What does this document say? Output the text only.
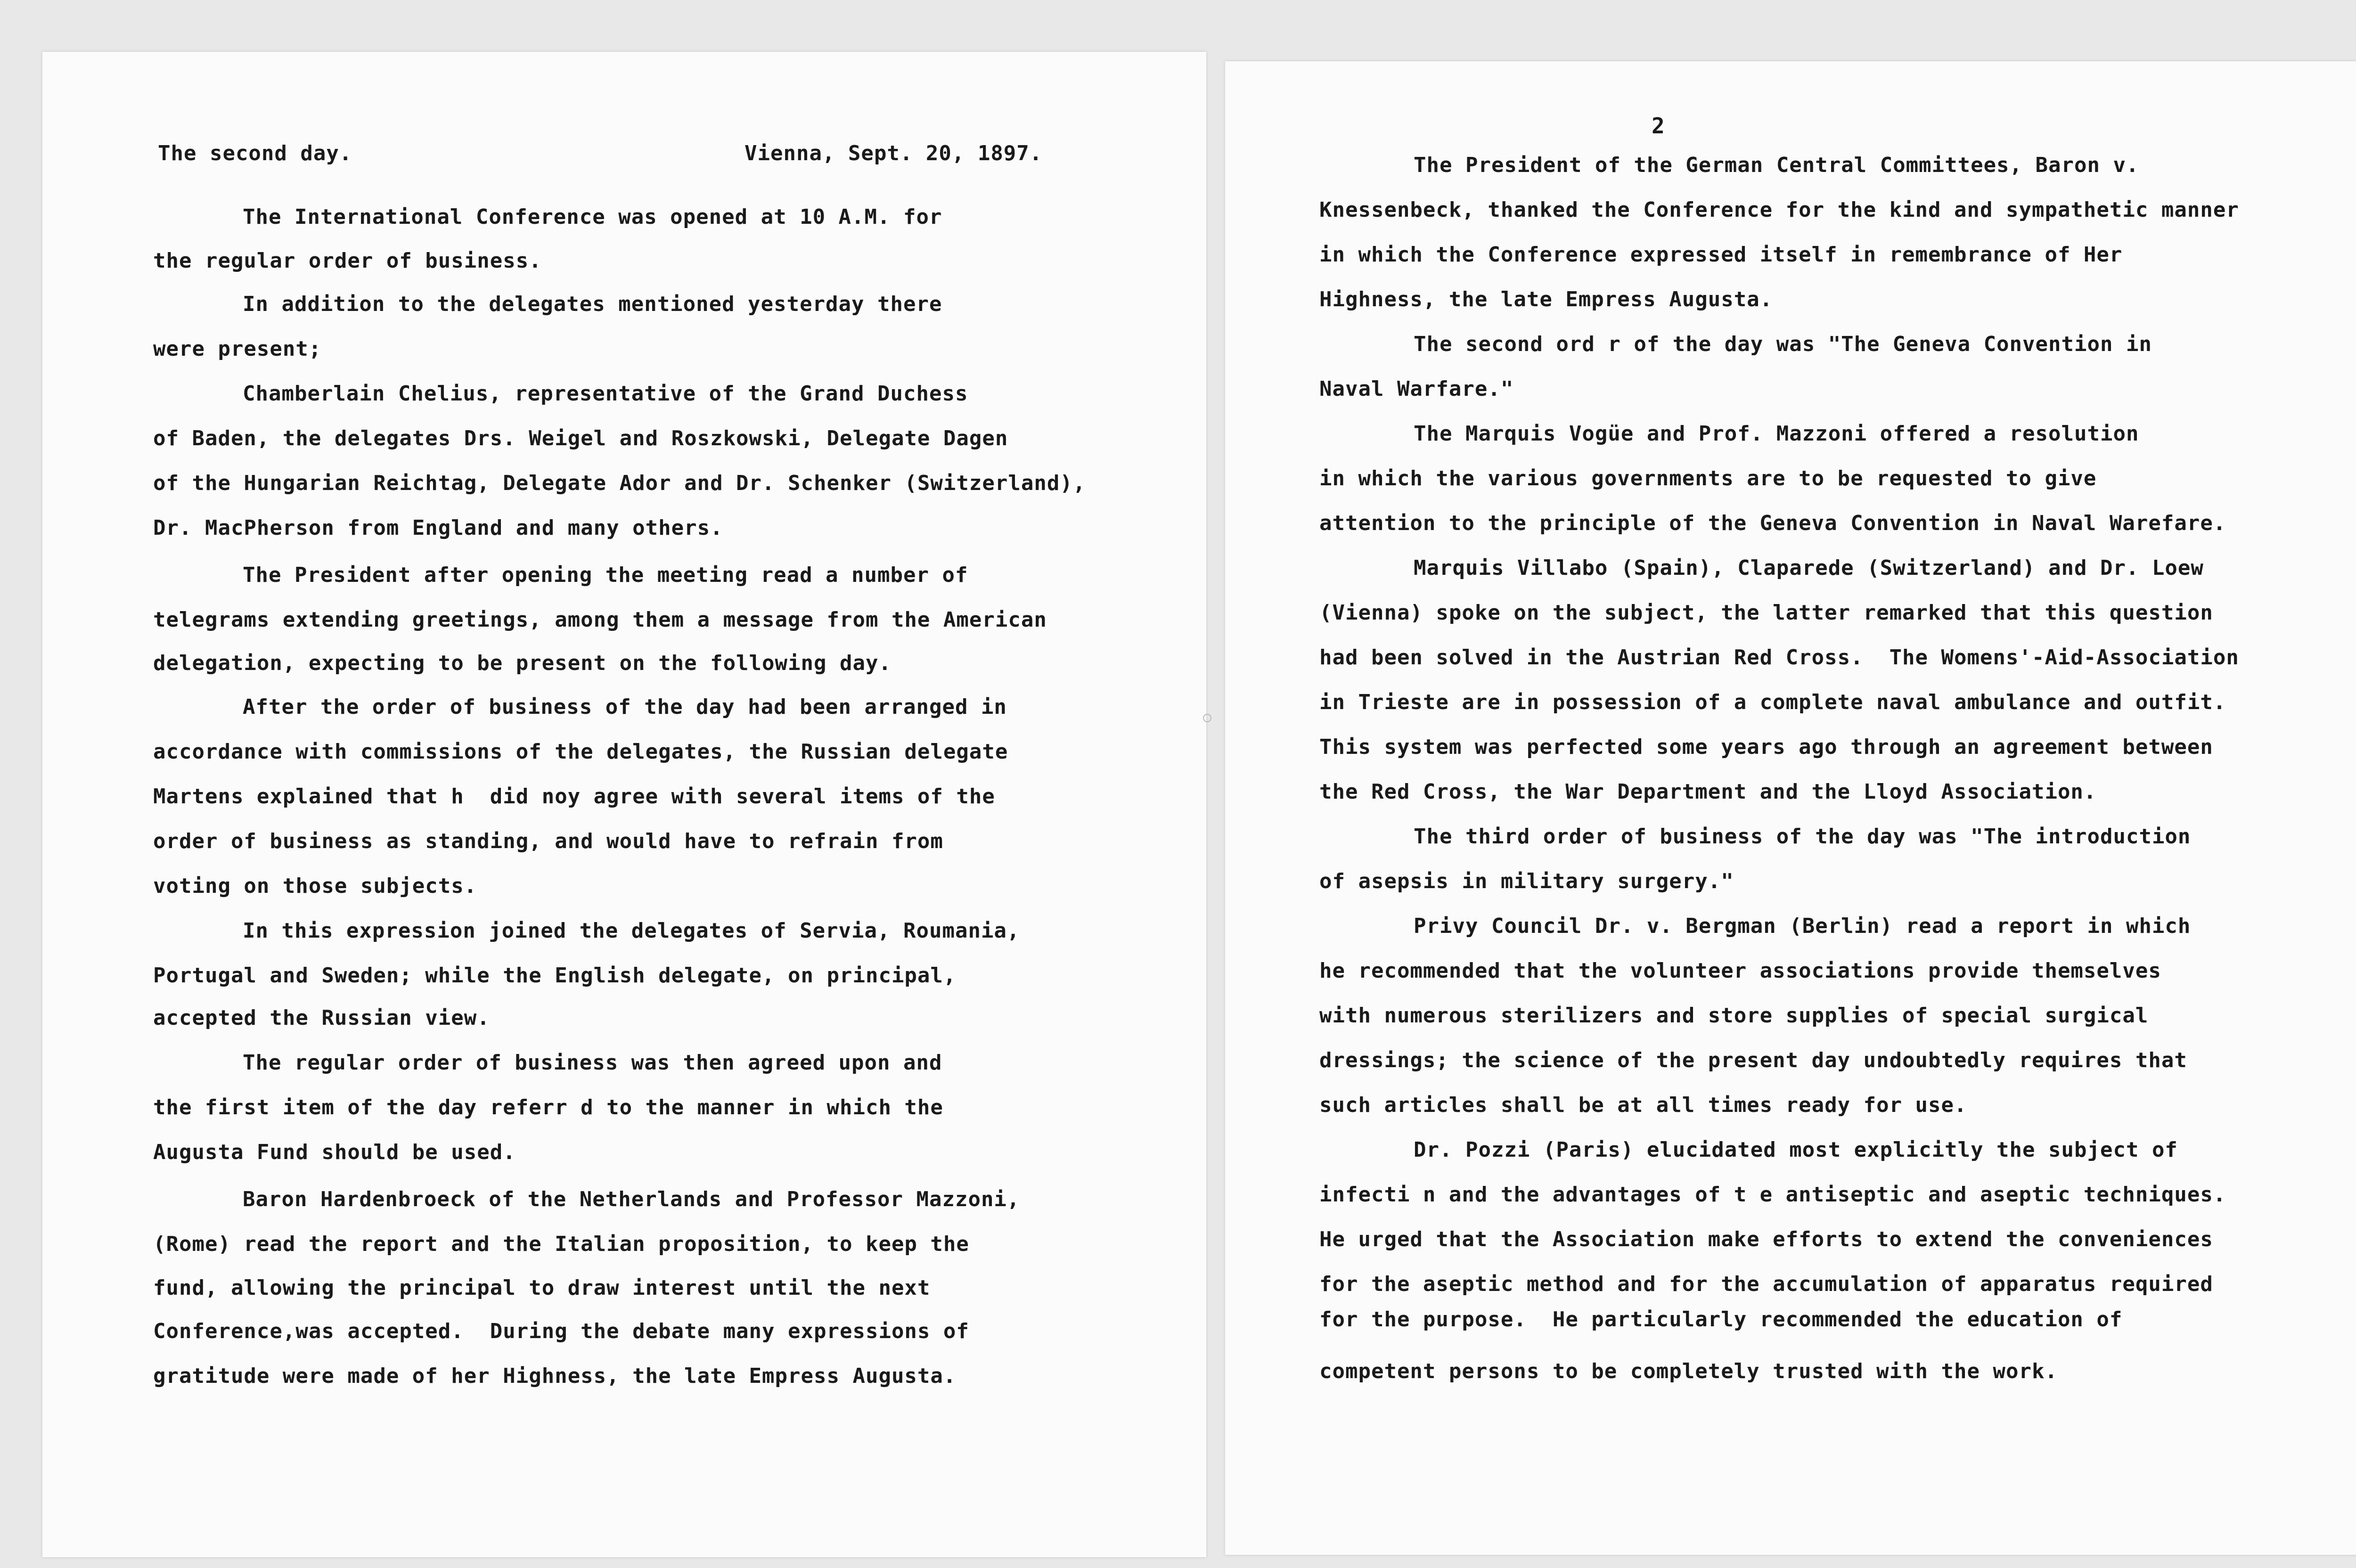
The second day.	Vienna, Sept. 20, 1897.
The International Conference was opened at 10 A.M. for
the regular order of business.
In addition to the delegates mentioned yesterday there
were present;
Chamberlain Chelius, representative of the Grand Duchess
of Baden, the delegates Drs. Weigel and Roszkowski, Delegate Dagen
of the Hungarian Reichtag, Delegate Ador and Dr. Schenker (Switzerland),
Dr. MacPherson from England and many others.
The President after opening the meeting read a number of
telegrams extending greetings, among them a message from the American
delegation, expecting to be present on the following day.
After the order of business of the day had been arranged in
accordance with commissions of the delegates, the Russian delegate
Martens explained that h  did noy agree with several items of the
order of business as standing, and would have to refrain from
voting on those subjects.
In this expression joined the delegates of Servia, Roumania,
Portugal and Sweden; while the English delegate, on principal,
accepted the Russian view.
The regular order of business was then agreed upon and
the first item of the day referr d to the manner in which the
Augusta Fund should be used.
Baron Hardenbroeck of the Netherlands and Professor Mazzoni,
(Rome) read the report and the Italian proposition, to keep the
fund, allowing the principal to draw interest until the next
Conference,was accepted.  During the debate many expressions of
gratitude were made of her Highness, the late Empress Augusta.
2
The President of the German Central Committees, Baron v.
Knessenbeck, thanked the Conference for the kind and sympathetic manner
in which the Conference expressed itself in remembrance of Her
Highness, the late Empress Augusta.
The second ord r of the day was "The Geneva Convention in
Naval Warfare."
The Marquis Vogüe and Prof. Mazzoni offered a resolution
in which the various governments are to be requested to give
attention to the principle of the Geneva Convention in Naval Warefare.
Marquis Villabo (Spain), Claparede (Switzerland) and Dr. Loew
(Vienna) spoke on the subject, the latter remarked that this question
had been solved in the Austrian Red Cross.  The Womens'-Aid-Association
in Trieste are in possession of a complete naval ambulance and outfit.
This system was perfected some years ago through an agreement between
the Red Cross, the War Department and the Lloyd Association.
The third order of business of the day was "The introduction
of asepsis in military surgery."
Privy Council Dr. v. Bergman (Berlin) read a report in which
he recommended that the volunteer associations provide themselves
with numerous sterilizers and store supplies of special surgical
dressings; the science of the present day undoubtedly requires that
such articles shall be at all times ready for use.
Dr. Pozzi (Paris) elucidated most explicitly the subject of
infecti n and the advantages of t e antiseptic and aseptic techniques.
He urged that the Association make efforts to extend the conveniences
for the aseptic method and for the accumulation of apparatus required
for the purpose.  He particularly recommended the education of
competent persons to be completely trusted with the work.
